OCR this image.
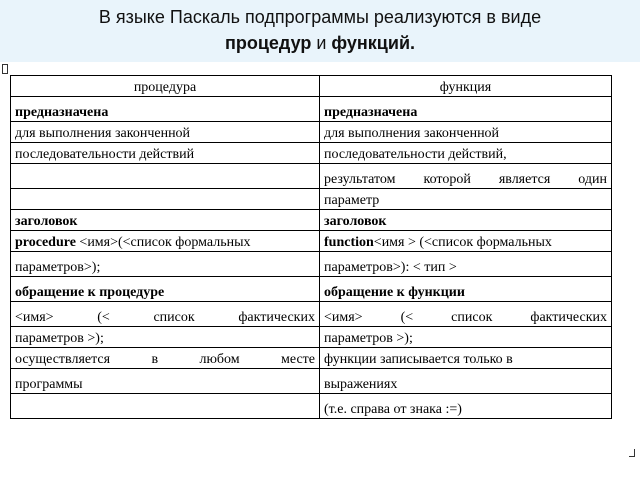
В языке Паскаль подпрограммы реализуются в виде
процедур и функций.
процедура	функция
предназначена	предназначена
для выполнения законченной	для выполнения законченной
последовательности действий	последовательности действий,

	результатом которой является один

	параметр
заголовок	заголовок
procedure <имя>(<список формальных	function<имя > (<список формальных
параметров>);	параметров>): < тип >
обращение к процедуре	обращение к функции

<имя> (< список фактических	<имя> (< список фактических

параметров >);	параметров >);

осуществляется в любом месте	функции записывается только в
программы	выражениях
	(т.е. справа от знака :=)
